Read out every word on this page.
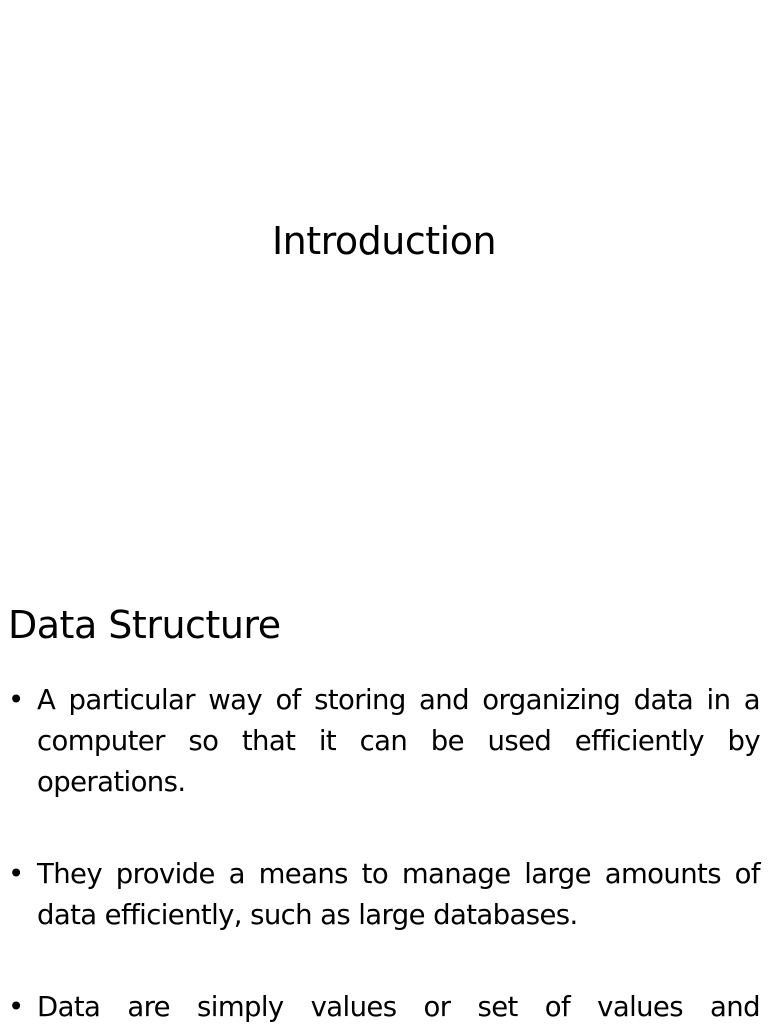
Introduction
Data Structure
• A particular way of storing and organizing data in a computer so that it can be used efficiently by operations.
• They provide a means to manage large amounts of data efficiently, such as large databases.
• Data are simply values or set of values and
